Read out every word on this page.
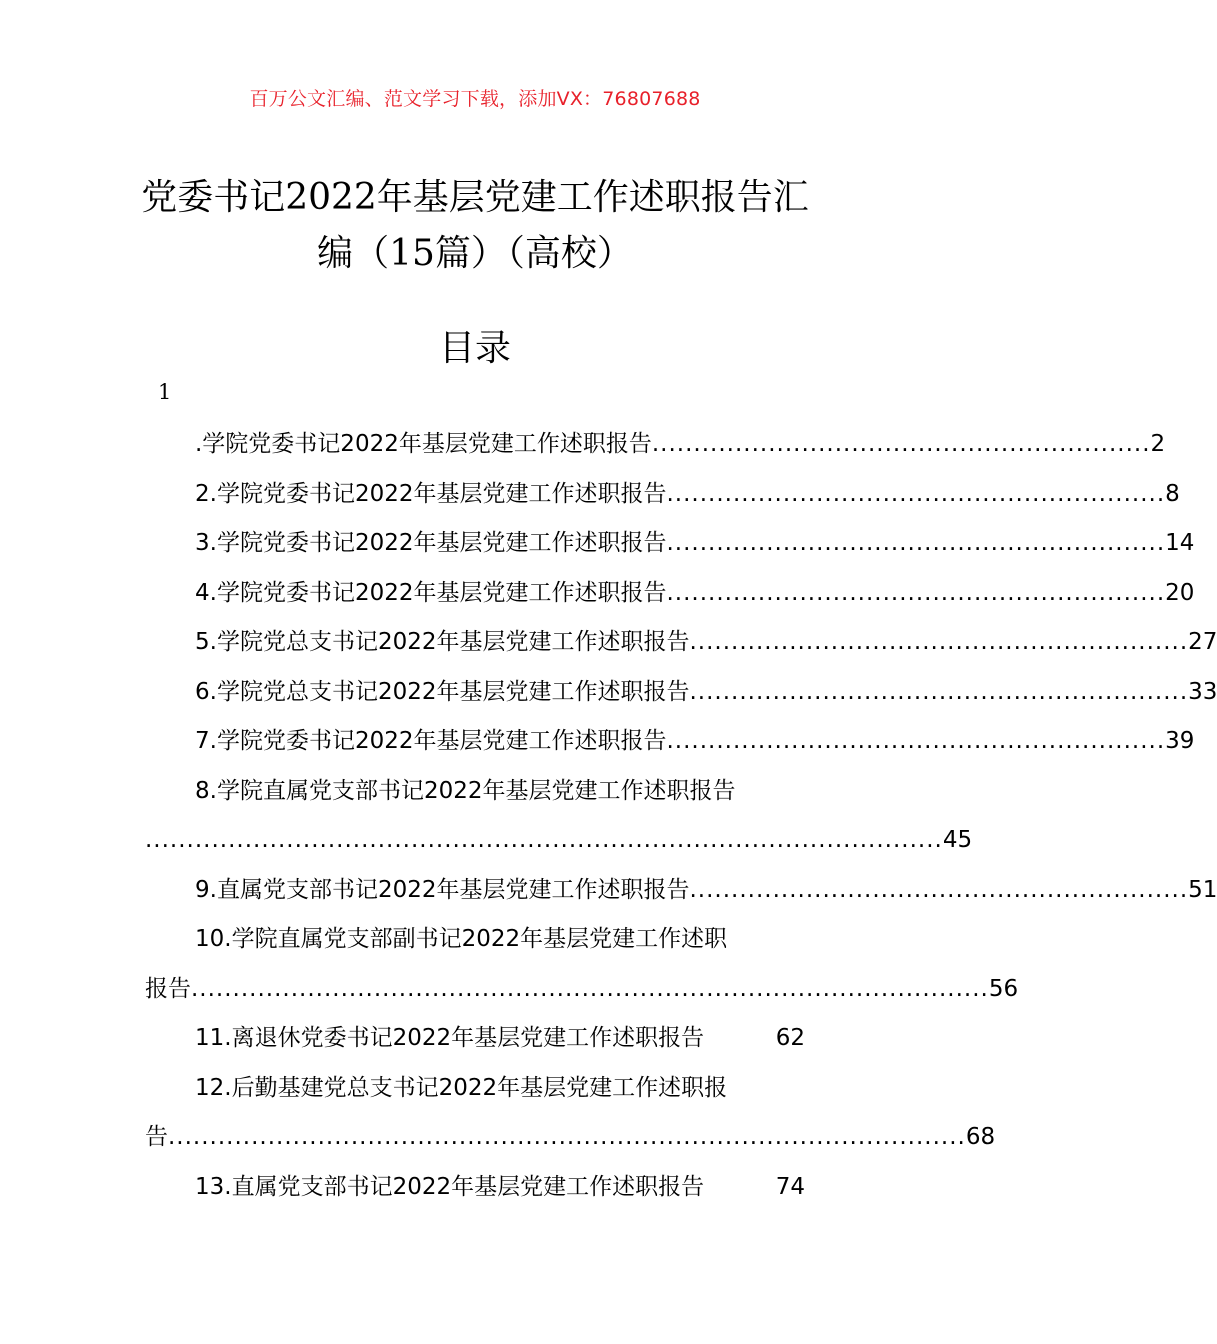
百万公文汇编、范文学习下载，添加VX：76807688
党委书记2022年基层党建工作述职报告汇
编（15篇）（高校）
目录
1
.学院党委书记2022年基层党建工作述职报告 ............................................................ 2
2.学院党委书记2022年基层党建工作述职报告 ............................................................ 8
3.学院党委书记2022年基层党建工作述职报告 ............................................................ 14
4.学院党委书记2022年基层党建工作述职报告 ............................................................ 20
5.学院党总支书记2022年基层党建工作述职报告 ............................................................ 27
6.学院党总支书记2022年基层党建工作述职报告 ............................................................ 33
7.学院党委书记2022年基层党建工作述职报告 ............................................................ 39
8.学院直属党支部书记2022年基层党建工作述职报告
................................................................................................ 45
9.直属党支部书记2022年基层党建工作述职报告 ............................................................ 51
10.学院直属党支部副书记2022年基层党建工作述职
报告 ................................................................................................ 56
11.离退休党委书记2022年基层党建工作述职报告	62
12.后勤基建党总支书记2022年基层党建工作述职报
告 ................................................................................................ 68
13.直属党支部书记2022年基层党建工作述职报告	74
